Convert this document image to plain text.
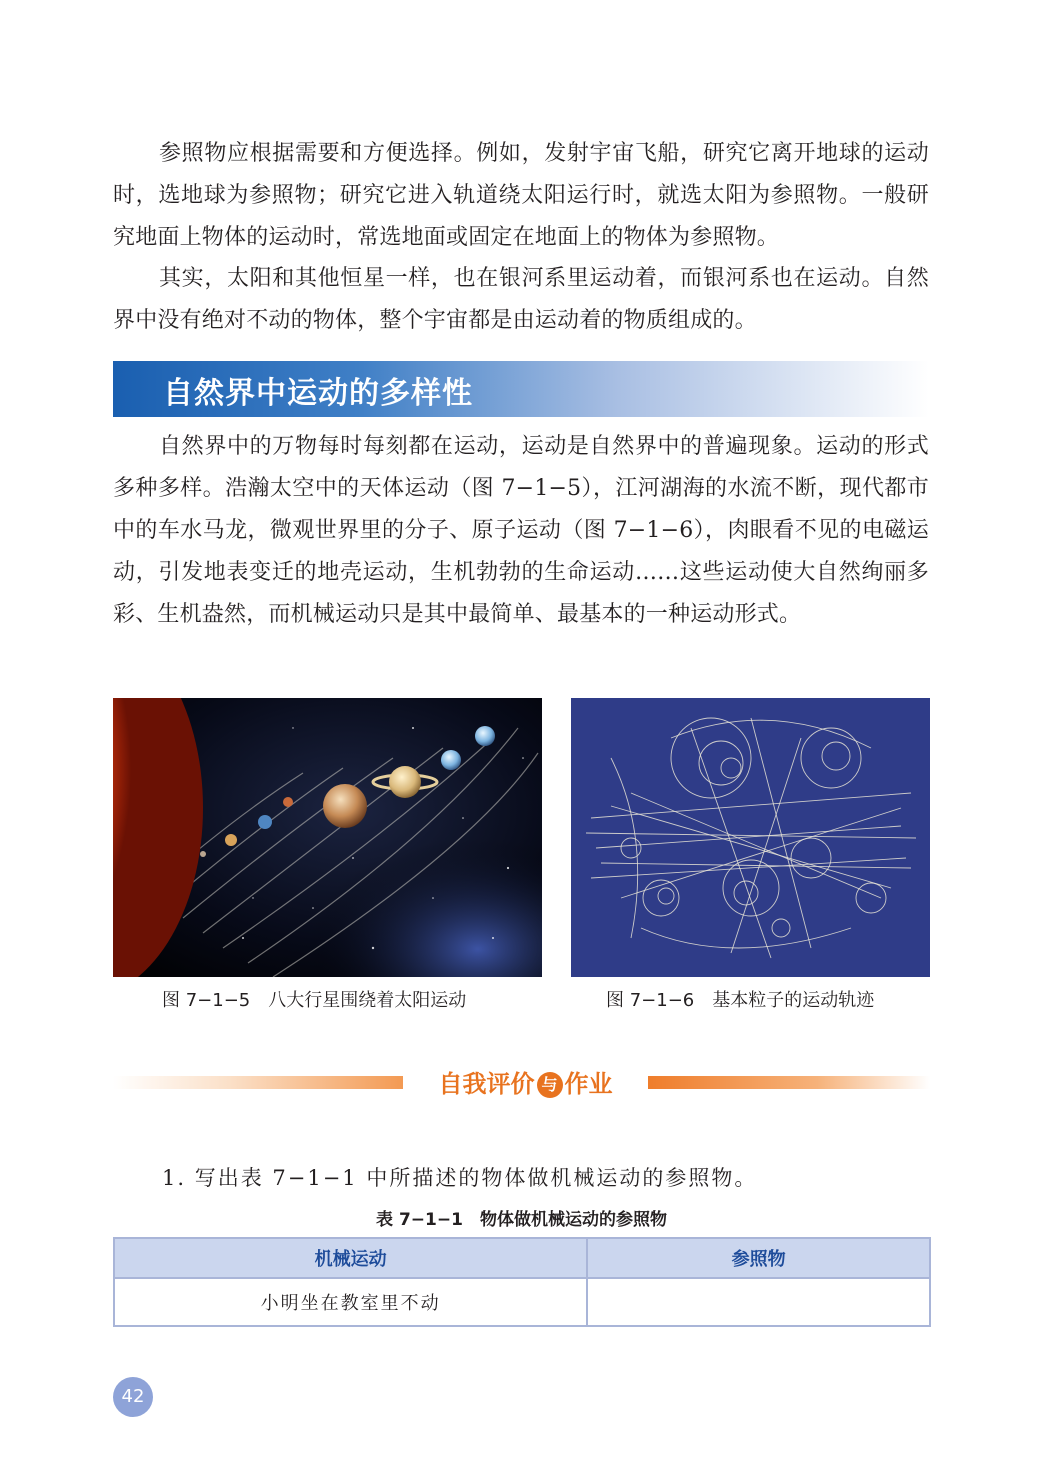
参照物应根据需要和方便选择。例如，发射宇宙飞船，研究它离开地球的运动时，选地球为参照物；研究它进入轨道绕太阳运行时，就选太阳为参照物。一般研究地面上物体的运动时，常选地面或固定在地面上的物体为参照物。

其实，太阳和其他恒星一样，也在银河系里运动着，而银河系也在运动。自然界中没有绝对不动的物体，整个宇宙都是由运动着的物质组成的。

自然界中运动的多样性

自然界中的万物每时每刻都在运动，运动是自然界中的普遍现象。运动的形式多种多样。浩瀚太空中的天体运动（图 7−1−5），江河湖海的水流不断，现代都市中的车水马龙，微观世界里的分子、原子运动（图 7−1−6），肉眼看不见的电磁运动，引发地表变迁的地壳运动，生机勃勃的生命运动……这些运动使大自然绚丽多彩、生机盎然，而机械运动只是其中最简单、最基本的一种运动形式。

图 7−1−5　八大行星围绕着太阳运动	图 7−1−6　基本粒子的运动轨迹
自我评价 与 作业
1. 写出表 7−1−1 中所描述的物体做机械运动的参照物。
表 7−1−1　物体做机械运动的参照物
机械运动	参照物
小明坐在教室里不动	
42
